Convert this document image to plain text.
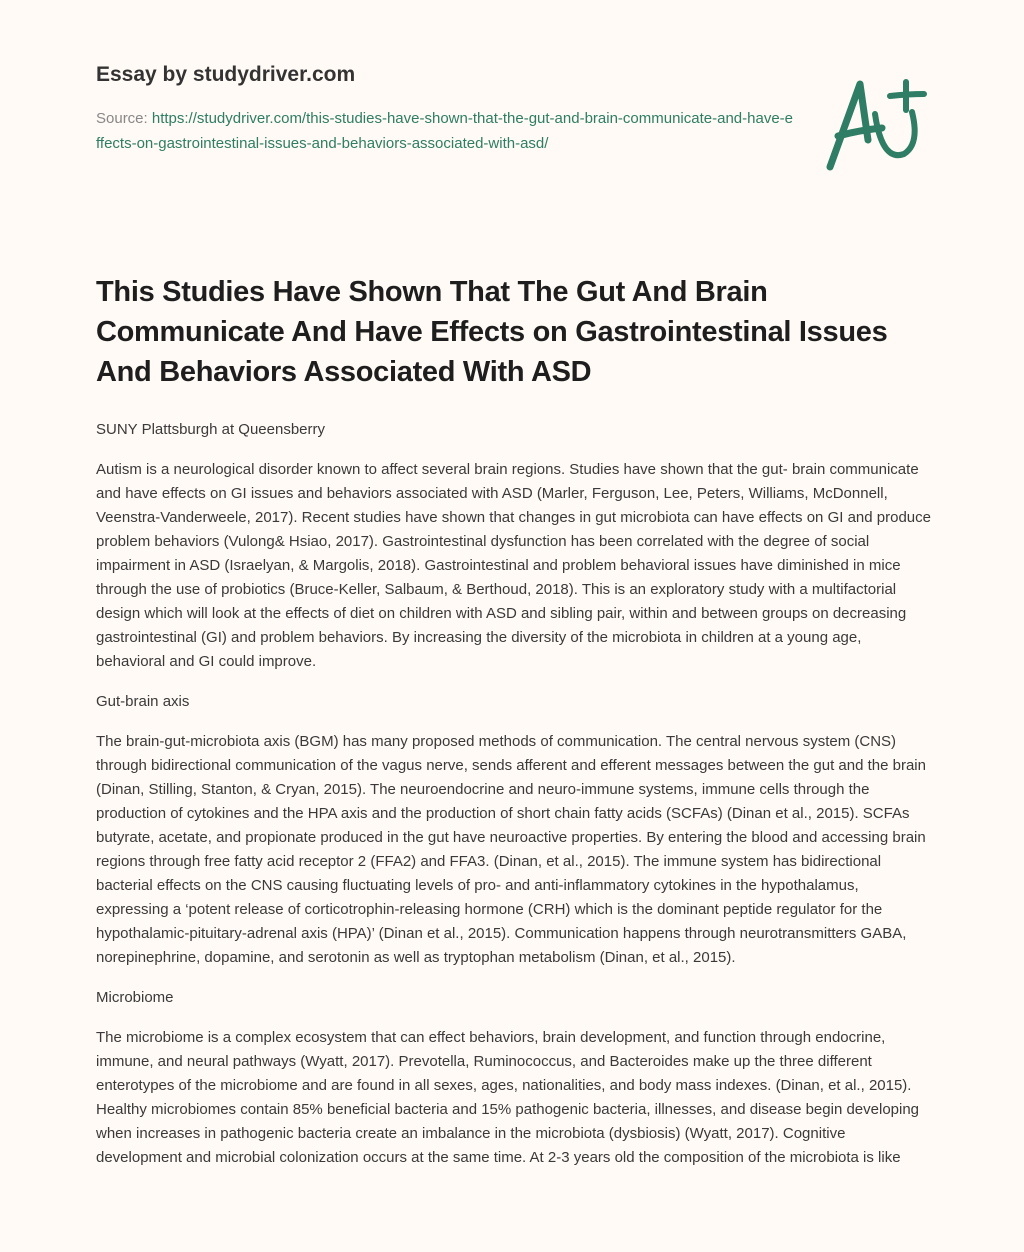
Essay by studydriver.com
Source: https://studydriver.com/this-studies-have-shown-that-the-gut-and-brain-communicate-and-have-effects-on-gastrointestinal-issues-and-behaviors-associated-with-asd/
This Studies Have Shown That The Gut And Brain Communicate And Have Effects on Gastrointestinal Issues And Behaviors Associated With ASD

SUNY Plattsburgh at Queensberry

Autism is a neurological disorder known to affect several brain regions. Studies have shown that the gut- brain communicate and have effects on GI issues and behaviors associated with ASD (Marler, Ferguson, Lee, Peters, Williams, McDonnell, Veenstra-Vanderweele, 2017). Recent studies have shown that changes in gut microbiota can have effects on GI and produce problem behaviors (Vulong& Hsiao, 2017). Gastrointestinal dysfunction has been correlated with the degree of social impairment in ASD (Israelyan, & Margolis, 2018). Gastrointestinal and problem behavioral issues have diminished in mice through the use of probiotics (Bruce-Keller, Salbaum, & Berthoud, 2018). This is an exploratory study with a multifactorial design which will look at the effects of diet on children with ASD and sibling pair, within and between groups on decreasing gastrointestinal (GI) and problem behaviors. By increasing the diversity of the microbiota in children at a young age, behavioral and GI could improve.

Gut-brain axis

The brain-gut-microbiota axis (BGM) has many proposed methods of communication. The central nervous system (CNS) through bidirectional communication of the vagus nerve, sends afferent and efferent messages between the gut and the brain (Dinan, Stilling, Stanton, & Cryan, 2015). The neuroendocrine and neuro-immune systems, immune cells through the production of cytokines and the HPA axis and the production of short chain fatty acids (SCFAs) (Dinan et al., 2015). SCFAs butyrate, acetate, and propionate produced in the gut have neuroactive properties. By entering the blood and accessing brain regions through free fatty acid receptor 2 (FFA2) and FFA3. (Dinan, et al., 2015). The immune system has bidirectional bacterial effects on the CNS causing fluctuating levels of pro- and anti-inflammatory cytokines in the hypothalamus, expressing a ‘potent release of corticotrophin-releasing hormone (CRH) which is the dominant peptide regulator for the hypothalamic-pituitary-adrenal axis (HPA)’ (Dinan et al., 2015). Communication happens through neurotransmitters GABA, norepinephrine, dopamine, and serotonin as well as tryptophan metabolism (Dinan, et al., 2015).

Microbiome

The microbiome is a complex ecosystem that can effect behaviors, brain development, and function through endocrine, immune, and neural pathways (Wyatt, 2017). Prevotella, Ruminococcus, and Bacteroides make up the three different enterotypes of the microbiome and are found in all sexes, ages, nationalities, and body mass indexes. (Dinan, et al., 2015). Healthy microbiomes contain 85% beneficial bacteria and 15% pathogenic bacteria, illnesses, and disease begin developing when increases in pathogenic bacteria create an imbalance in the microbiota (dysbiosis) (Wyatt, 2017). Cognitive development and microbial colonization occurs at the same time. At 2-3 years old the composition of the microbiota is like
